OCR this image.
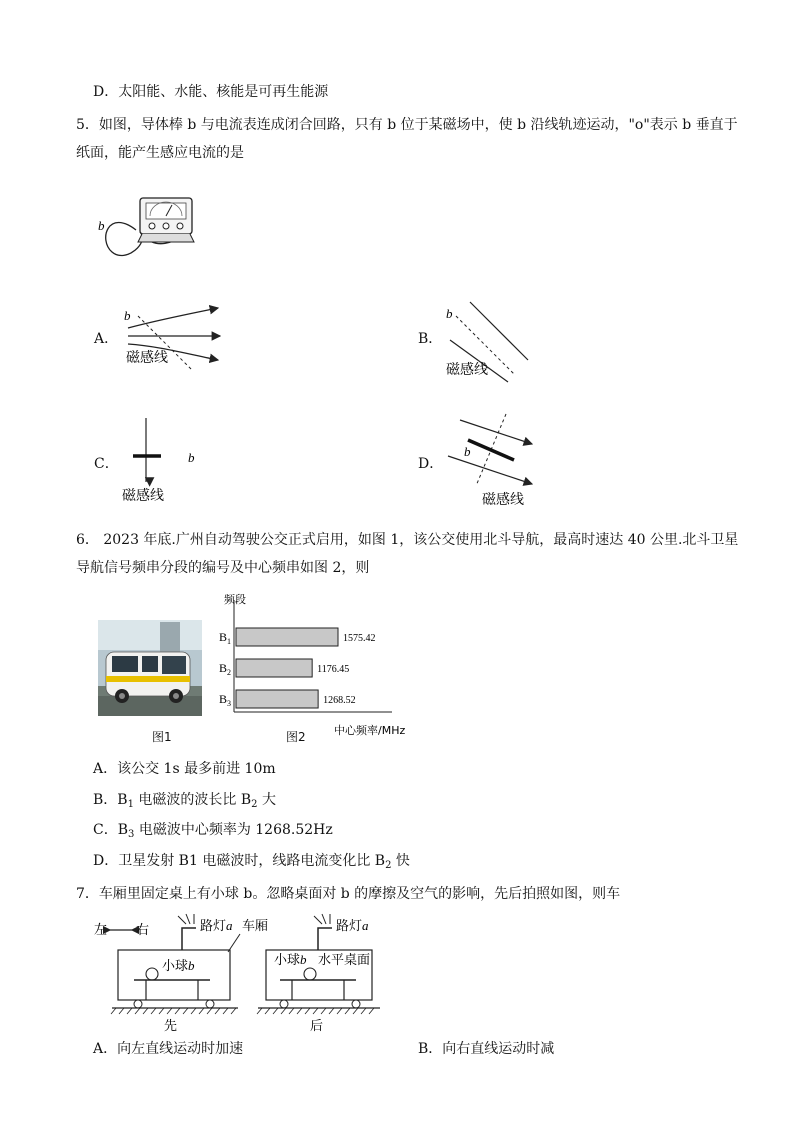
D．太阳能、水能、核能是可再生能源
5．如图，导体棒 b 与电流表连成闭合回路，只有 b 位于某磁场中，使 b 沿线轨迹运动，"o"表示 b 垂直于
纸面，能产生感应电流的是
b
A．
b
磁感线
B．
b
磁感线
C．	b
磁感线
D．
b
磁感线
6． 2023 年底.广州自动驾驶公交正式启用，如图 1，该公交使用北斗导航，最高时速达 40 公里.北斗卫星
导航信号频串分段的编号及中心频串如图 2，则
图1
频段
中心频率/MHz
1575.42
$B_1$
1176.45
$B_2$
1268.52
$B_3$
图2
A．该公交 1s 最多前进 10m
B．$B_1$ 电磁波的波长比 $B_2$ 大
C．$B_3$ 电磁波中心频率为 1268.52Hz
D．卫星发射 B1 电磁波时，线路电流变化比 $B_2$ 快
7．车厢里固定桌上有小球 b。忽略桌面对 b 的摩擦及空气的影响，先后拍照如图，则车
左 右	路灯a 车厢
小球b
先
路灯a
小球b 水平桌面
后
A．向左直线运动时加速	B．向右直线运动时减
